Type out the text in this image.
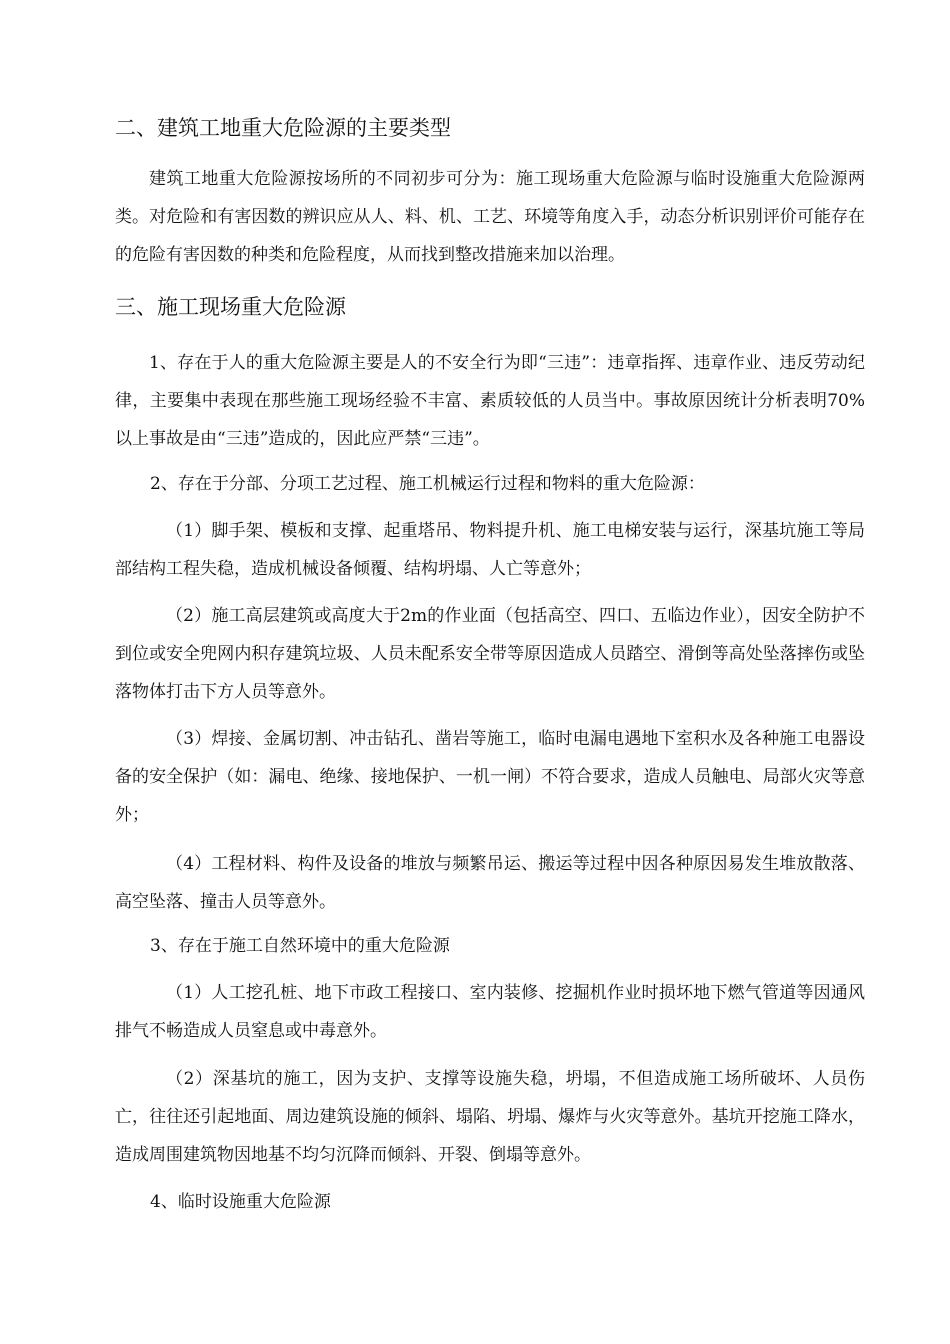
二、建筑工地重大危险源的主要类型
建筑工地重大危险源按场所的不同初步可分为：施工现场重大危险源与临时设施重大危险源两类。对危险和有害因数的辨识应从人、料、机、工艺、环境等角度入手，动态分析识别评价可能存在的危险有害因数的种类和危险程度，从而找到整改措施来加以治理。
三、施工现场重大危险源
1、存在于人的重大危险源主要是人的不安全行为即“三违”：违章指挥、违章作业、违反劳动纪律，主要集中表现在那些施工现场经验不丰富、素质较低的人员当中。事故原因统计分析表明70%以上事故是由“三违”造成的，因此应严禁“三违”。
2、存在于分部、分项工艺过程、施工机械运行过程和物料的重大危险源：
（1）脚手架、模板和支撑、起重塔吊、物料提升机、施工电梯安装与运行，深基坑施工等局部结构工程失稳，造成机械设备倾覆、结构坍塌、人亡等意外；
（2）施工高层建筑或高度大于2m的作业面（包括高空、四口、五临边作业），因安全防护不到位或安全兜网内积存建筑垃圾、人员未配系安全带等原因造成人员踏空、滑倒等高处坠落摔伤或坠落物体打击下方人员等意外。
（3）焊接、金属切割、冲击钻孔、凿岩等施工，临时电漏电遇地下室积水及各种施工电器设备的安全保护（如：漏电、绝缘、接地保护、一机一闸）不符合要求，造成人员触电、局部火灾等意外；
（4）工程材料、构件及设备的堆放与频繁吊运、搬运等过程中因各种原因易发生堆放散落、高空坠落、撞击人员等意外。
3、存在于施工自然环境中的重大危险源
（1）人工挖孔桩、地下市政工程接口、室内装修、挖掘机作业时损坏地下燃气管道等因通风排气不畅造成人员窒息或中毒意外。
（2）深基坑的施工，因为支护、支撑等设施失稳，坍塌，不但造成施工场所破坏、人员伤亡，往往还引起地面、周边建筑设施的倾斜、塌陷、坍塌、爆炸与火灾等意外。基坑开挖施工降水，造成周围建筑物因地基不均匀沉降而倾斜、开裂、倒塌等意外。
4、临时设施重大危险源
